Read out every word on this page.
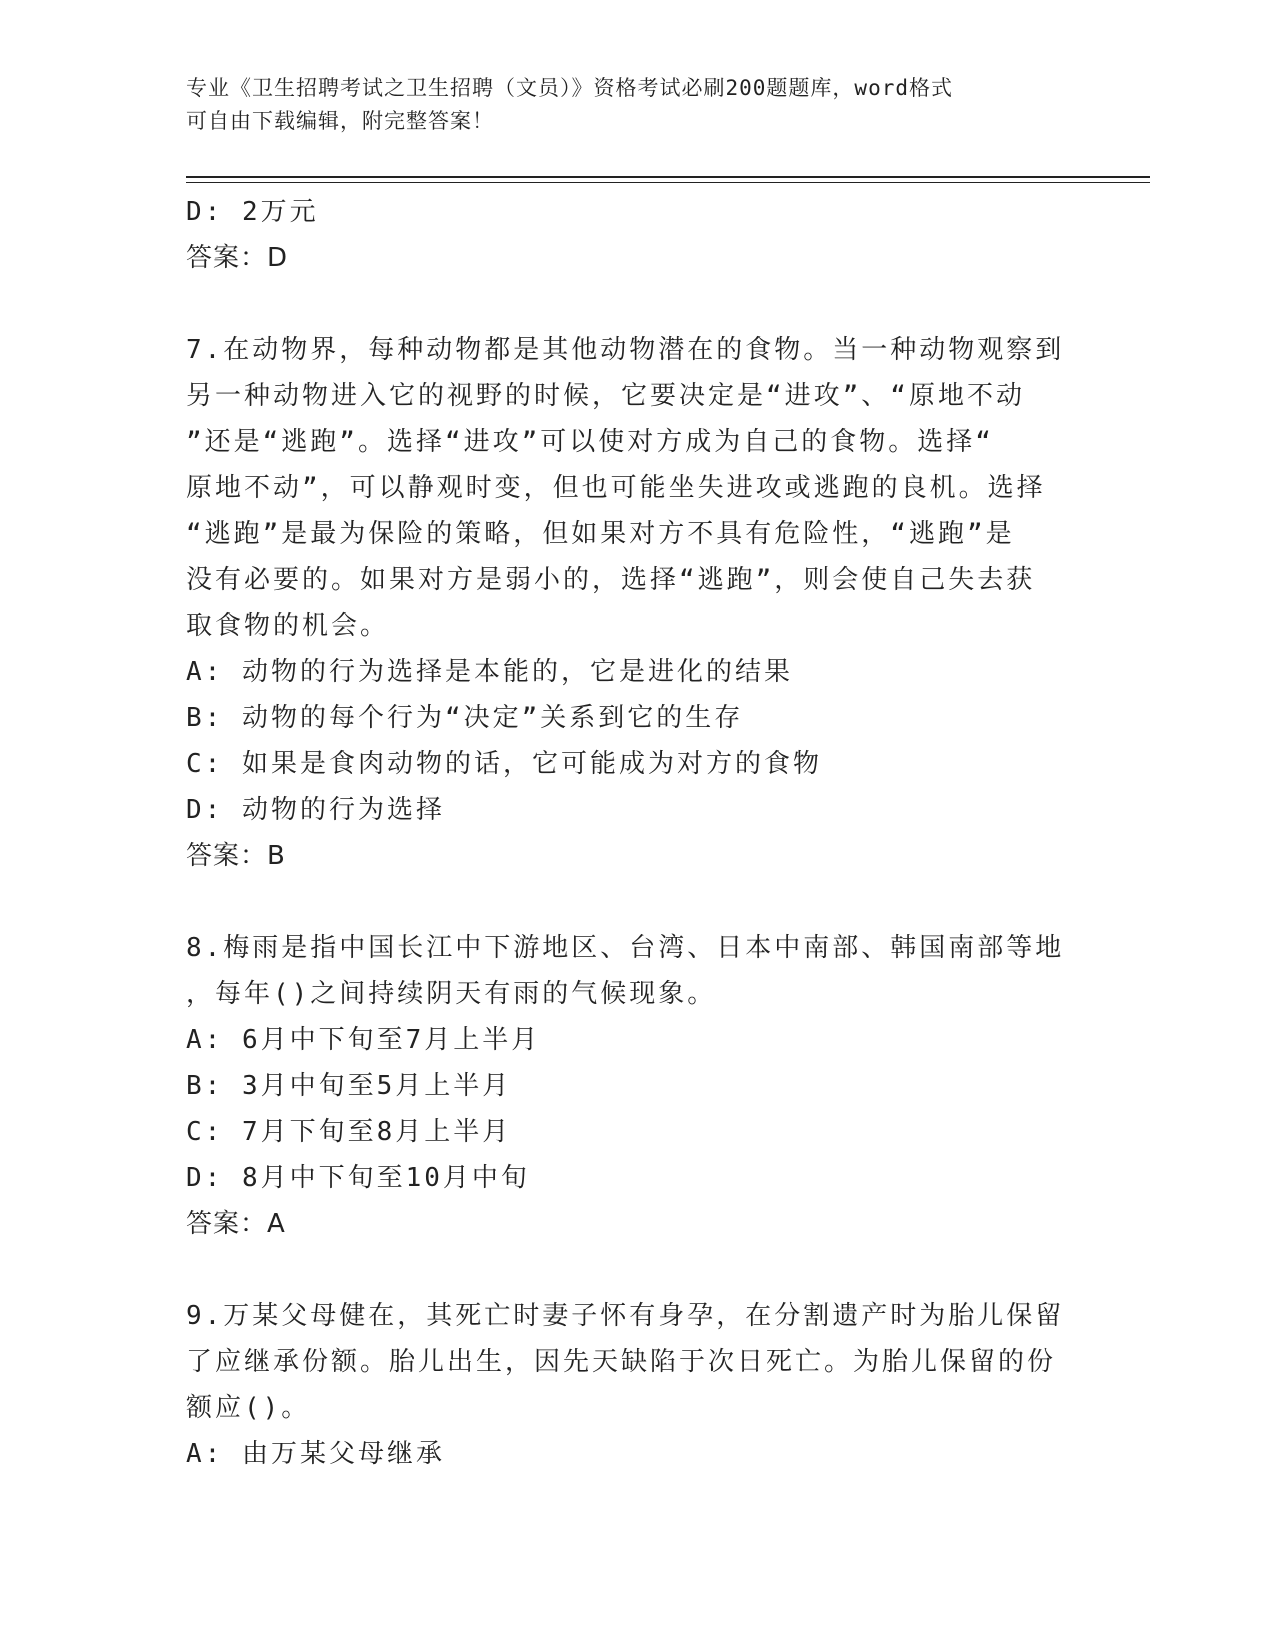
专业《卫生招聘考试之卫生招聘（文员）》资格考试必刷200题题库，word格式
可自由下载编辑，附完整答案！
D: 2万元
答案：D
7.在动物界，每种动物都是其他动物潜在的食物。当一种动物观察到
另一种动物进入它的视野的时候，它要决定是“进攻”、“原地不动
”还是“逃跑”。选择“进攻”可以使对方成为自己的食物。选择“
原地不动”，可以静观时变，但也可能坐失进攻或逃跑的良机。选择
“逃跑”是最为保险的策略，但如果对方不具有危险性，“逃跑”是
没有必要的。如果对方是弱小的，选择“逃跑”，则会使自己失去获
取食物的机会。
A: 动物的行为选择是本能的，它是进化的结果
B: 动物的每个行为“决定”关系到它的生存
C: 如果是食肉动物的话，它可能成为对方的食物
D: 动物的行为选择
答案：B
8.梅雨是指中国长江中下游地区、台湾、日本中南部、韩国南部等地
，每年()之间持续阴天有雨的气候现象。
A: 6月中下旬至7月上半月
B: 3月中旬至5月上半月
C: 7月下旬至8月上半月
D: 8月中下旬至10月中旬
答案：A
9.万某父母健在，其死亡时妻子怀有身孕，在分割遗产时为胎儿保留
了应继承份额。胎儿出生，因先天缺陷于次日死亡。为胎儿保留的份
额应()。
A: 由万某父母继承
